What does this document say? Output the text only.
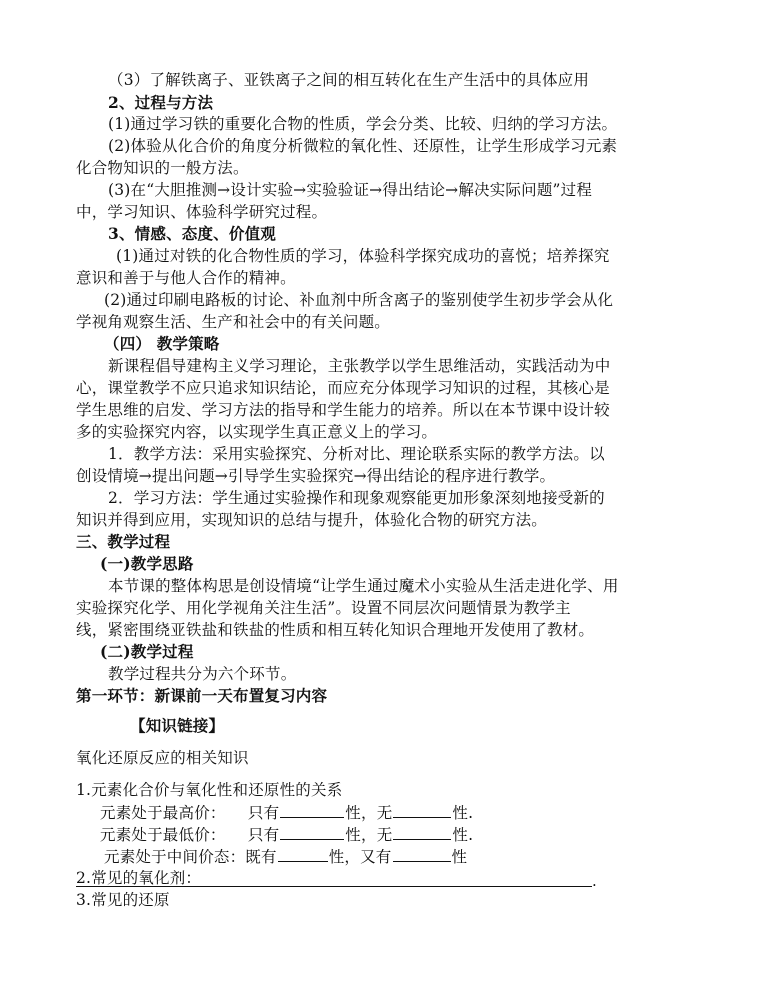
（3）了解铁离子、亚铁离子之间的相互转化在生产生活中的具体应用
2、过程与方法
(1)通过学习铁的重要化合物的性质，学会分类、比较、归纳的学习方法。
(2)体验从化合价的角度分析微粒的氧化性、还原性，让学生形成学习元素
化合物知识的一般方法。
(3)在“大胆推测→设计实验→实验验证→得出结论→解决实际问题”过程
中，学习知识、体验科学研究过程。
3、情感、态度、价值观
(1)通过对铁的化合物性质的学习，体验科学探究成功的喜悦；培养探究
意识和善于与他人合作的精神。
(2)通过印刷电路板的讨论、补血剂中所含离子的鉴别使学生初步学会从化
学视角观察生活、生产和社会中的有关问题。
（四） 教学策略
新课程倡导建构主义学习理论，主张教学以学生思维活动，实践活动为中
心，课堂教学不应只追求知识结论，而应充分体现学习知识的过程，其核心是
学生思维的启发、学习方法的指导和学生能力的培养。所以在本节课中设计较
多的实验探究内容，以实现学生真正意义上的学习。
1．教学方法：采用实验探究、分析对比、理论联系实际的教学方法。以
创设情境→提出问题→引导学生实验探究→得出结论的程序进行教学。
2．学习方法：学生通过实验操作和现象观察能更加形象深刻地接受新的
知识并得到应用，实现知识的总结与提升，体验化合物的研究方法。
三、教学过程
(一)教学思路
本节课的整体构思是创设情境“让学生通过魔术小实验从生活走进化学、用
实验探究化学、用化学视角关注生活”。设置不同层次问题情景为教学主
线，紧密围绕亚铁盐和铁盐的性质和相互转化知识合理地开发使用了教材。
(二)教学过程
教学过程共分为六个环节。
第一环节：新课前一天布置复习内容
【知识链接】
氧化还原反应的相关知识
1.元素化合价与氧化性和还原性的关系
元素处于最高价： 只有	性，无	性.
元素处于最低价： 只有	性，无	性.
元素处于中间价态：既有	性，又有	性
2.常见的氧化剂：	.
3.常见的还原
